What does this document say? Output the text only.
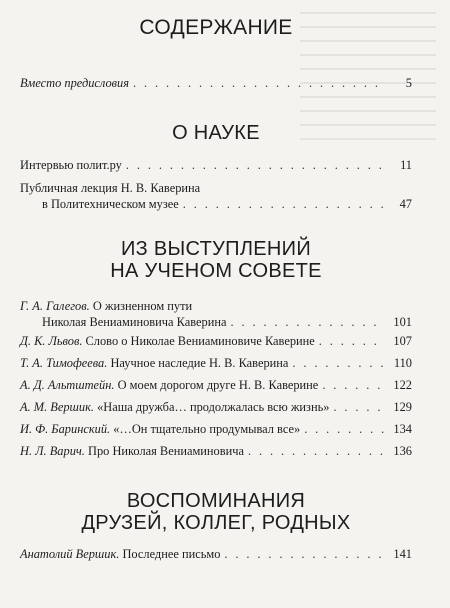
СОДЕРЖАНИЕ
Вместо предисловия . . .	5
О НАУКЕ
Интервью полит.ру . . .	11
Публичная лекция Н. В. Каверина
в Политехническом музее . . .	47
ИЗ ВЫСТУПЛЕНИЙ
НА УЧЕНОМ СОВЕТЕ
Г. А. Галегов. О жизненном пути
Николая Вениаминовича Каверина . . .	101
Д. К. Львов. Слово о Николае Вениаминовиче Каверине . . .	107
Т. А. Тимофеева. Научное наследие Н. В. Каверина . . .	110
А. Д. Альтштейн. О моем дорогом друге Н. В. Каверине . . .	122
А. М. Вершик. «Наша дружба… продолжалась всю жизнь» . . .	129
И. Ф. Баринский. «…Он тщательно продумывал все» . . .	134
Н. Л. Варич. Про Николая Вениаминовича . . .	136
ВОСПОМИНАНИЯ
ДРУЗЕЙ, КОЛЛЕГ, РОДНЫХ
Анатолий Вершик. Последнее письмо . . .	141
